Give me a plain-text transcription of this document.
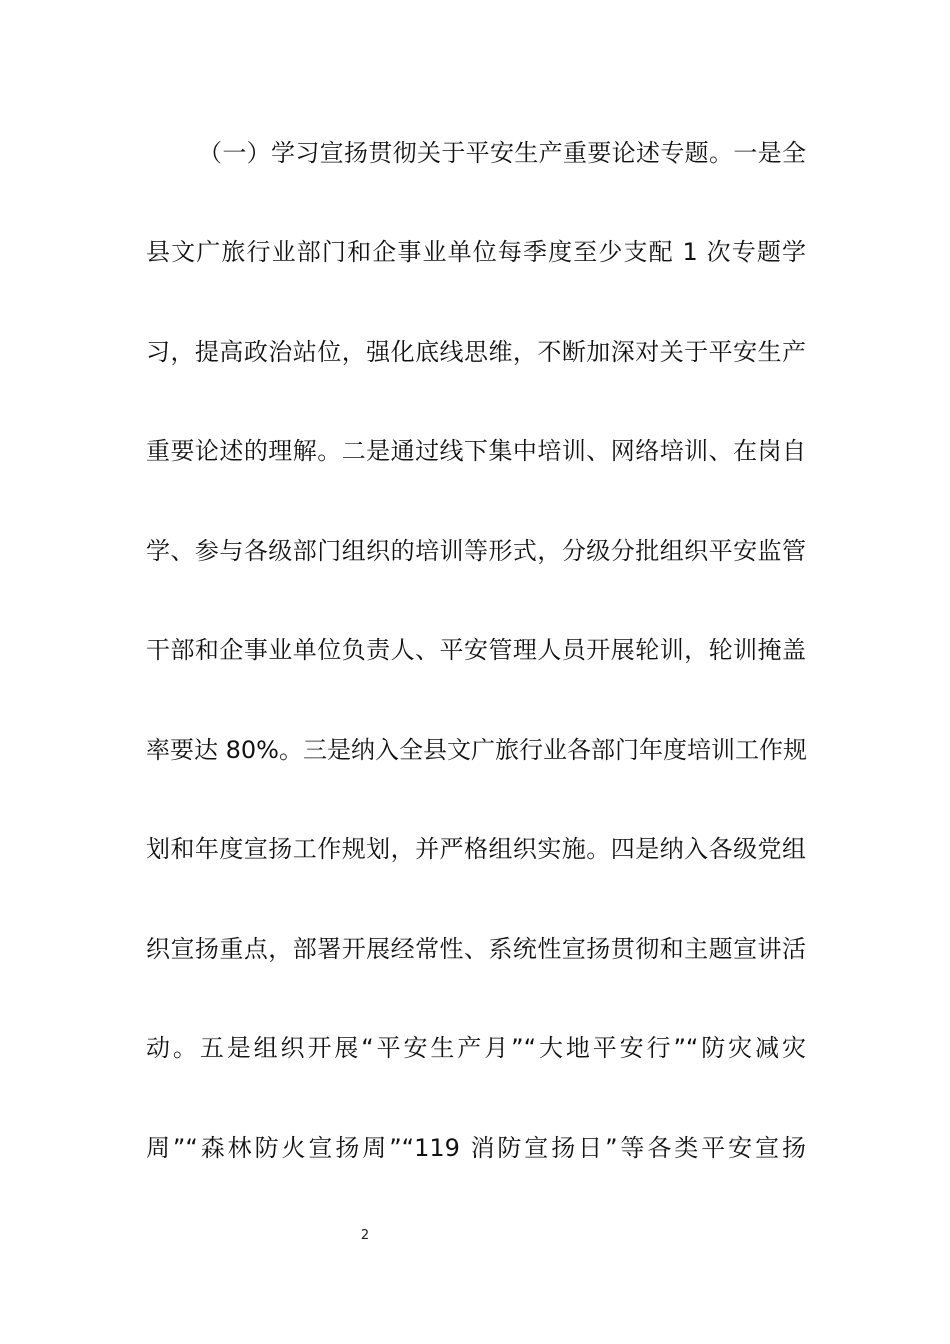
（一）学习宣扬贯彻关于平安生产重要论述专题。一是全
县文广旅行业部门和企事业单位每季度至少支配 1 次专题学
习，提高政治站位，强化底线思维，不断加深对关于平安生产
重要论述的理解。二是通过线下集中培训、网络培训、在岗自
学、参与各级部门组织的培训等形式，分级分批组织平安监管
干部和企事业单位负责人、平安管理人员开展轮训，轮训掩盖
率要达 80%。三是纳入全县文广旅行业各部门年度培训工作规
划和年度宣扬工作规划，并严格组织实施。四是纳入各级党组
织宣扬重点，部署开展经常性、系统性宣扬贯彻和主题宣讲活
动。五是组织开展“平安生产月”“大地平安行”“防灾减灾
周”“森林防火宣扬周”“119 消防宣扬日”等各类平安宣扬
2
